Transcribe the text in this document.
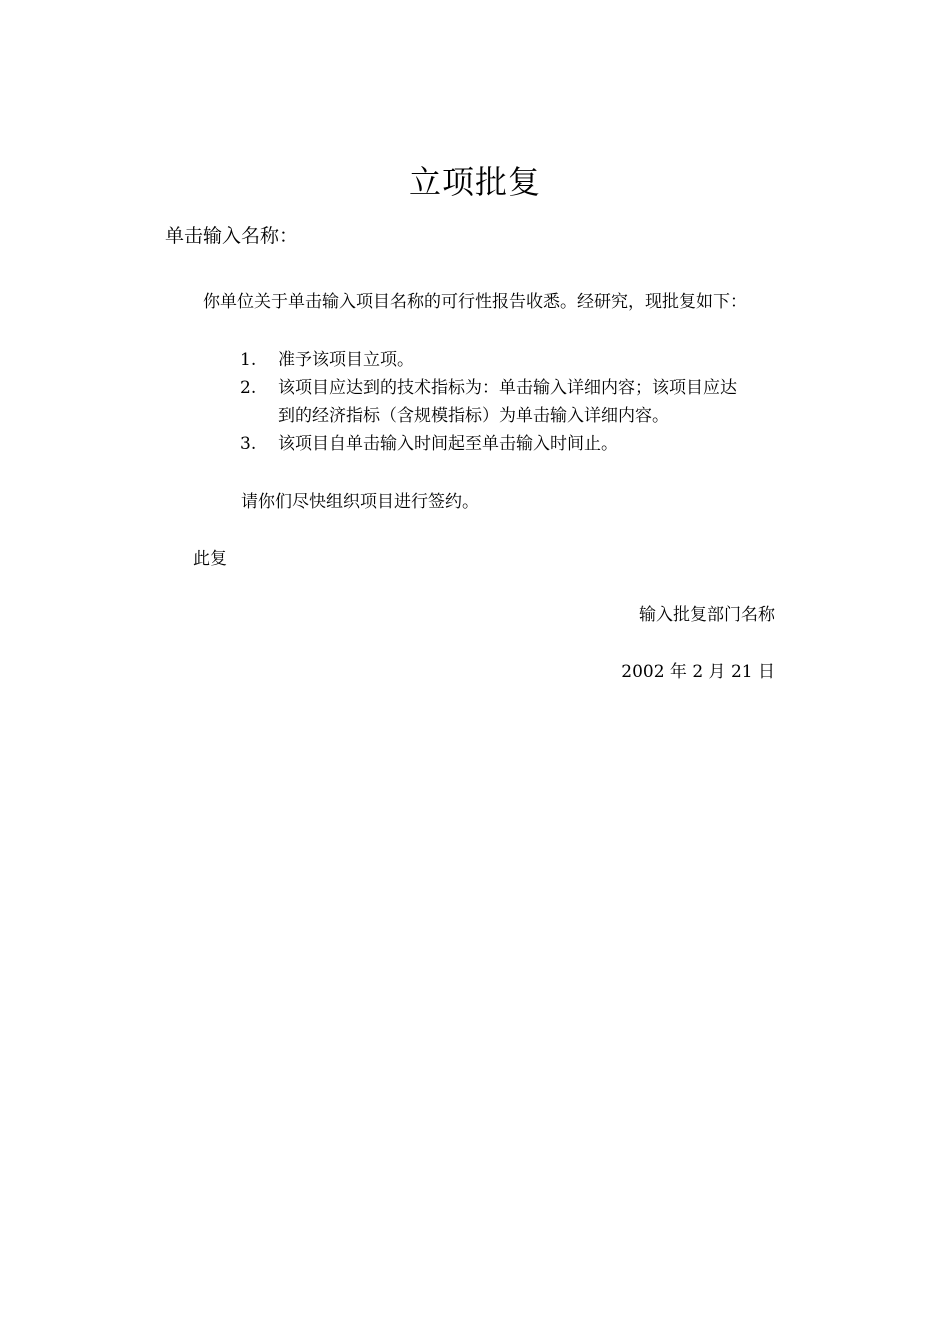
立项批复
单击输入名称：
你单位关于单击输入项目名称的可行性报告收悉。经研究，现批复如下：
1.	准予该项目立项。
2.	该项目应达到的技术指标为：单击输入详细内容；该项目应达
到的经济指标（含规模指标）为单击输入详细内容。
3.	该项目自单击输入时间起至单击输入时间止。
请你们尽快组织项目进行签约。
此复
输入批复部门名称
2002 年 2 月 21 日
